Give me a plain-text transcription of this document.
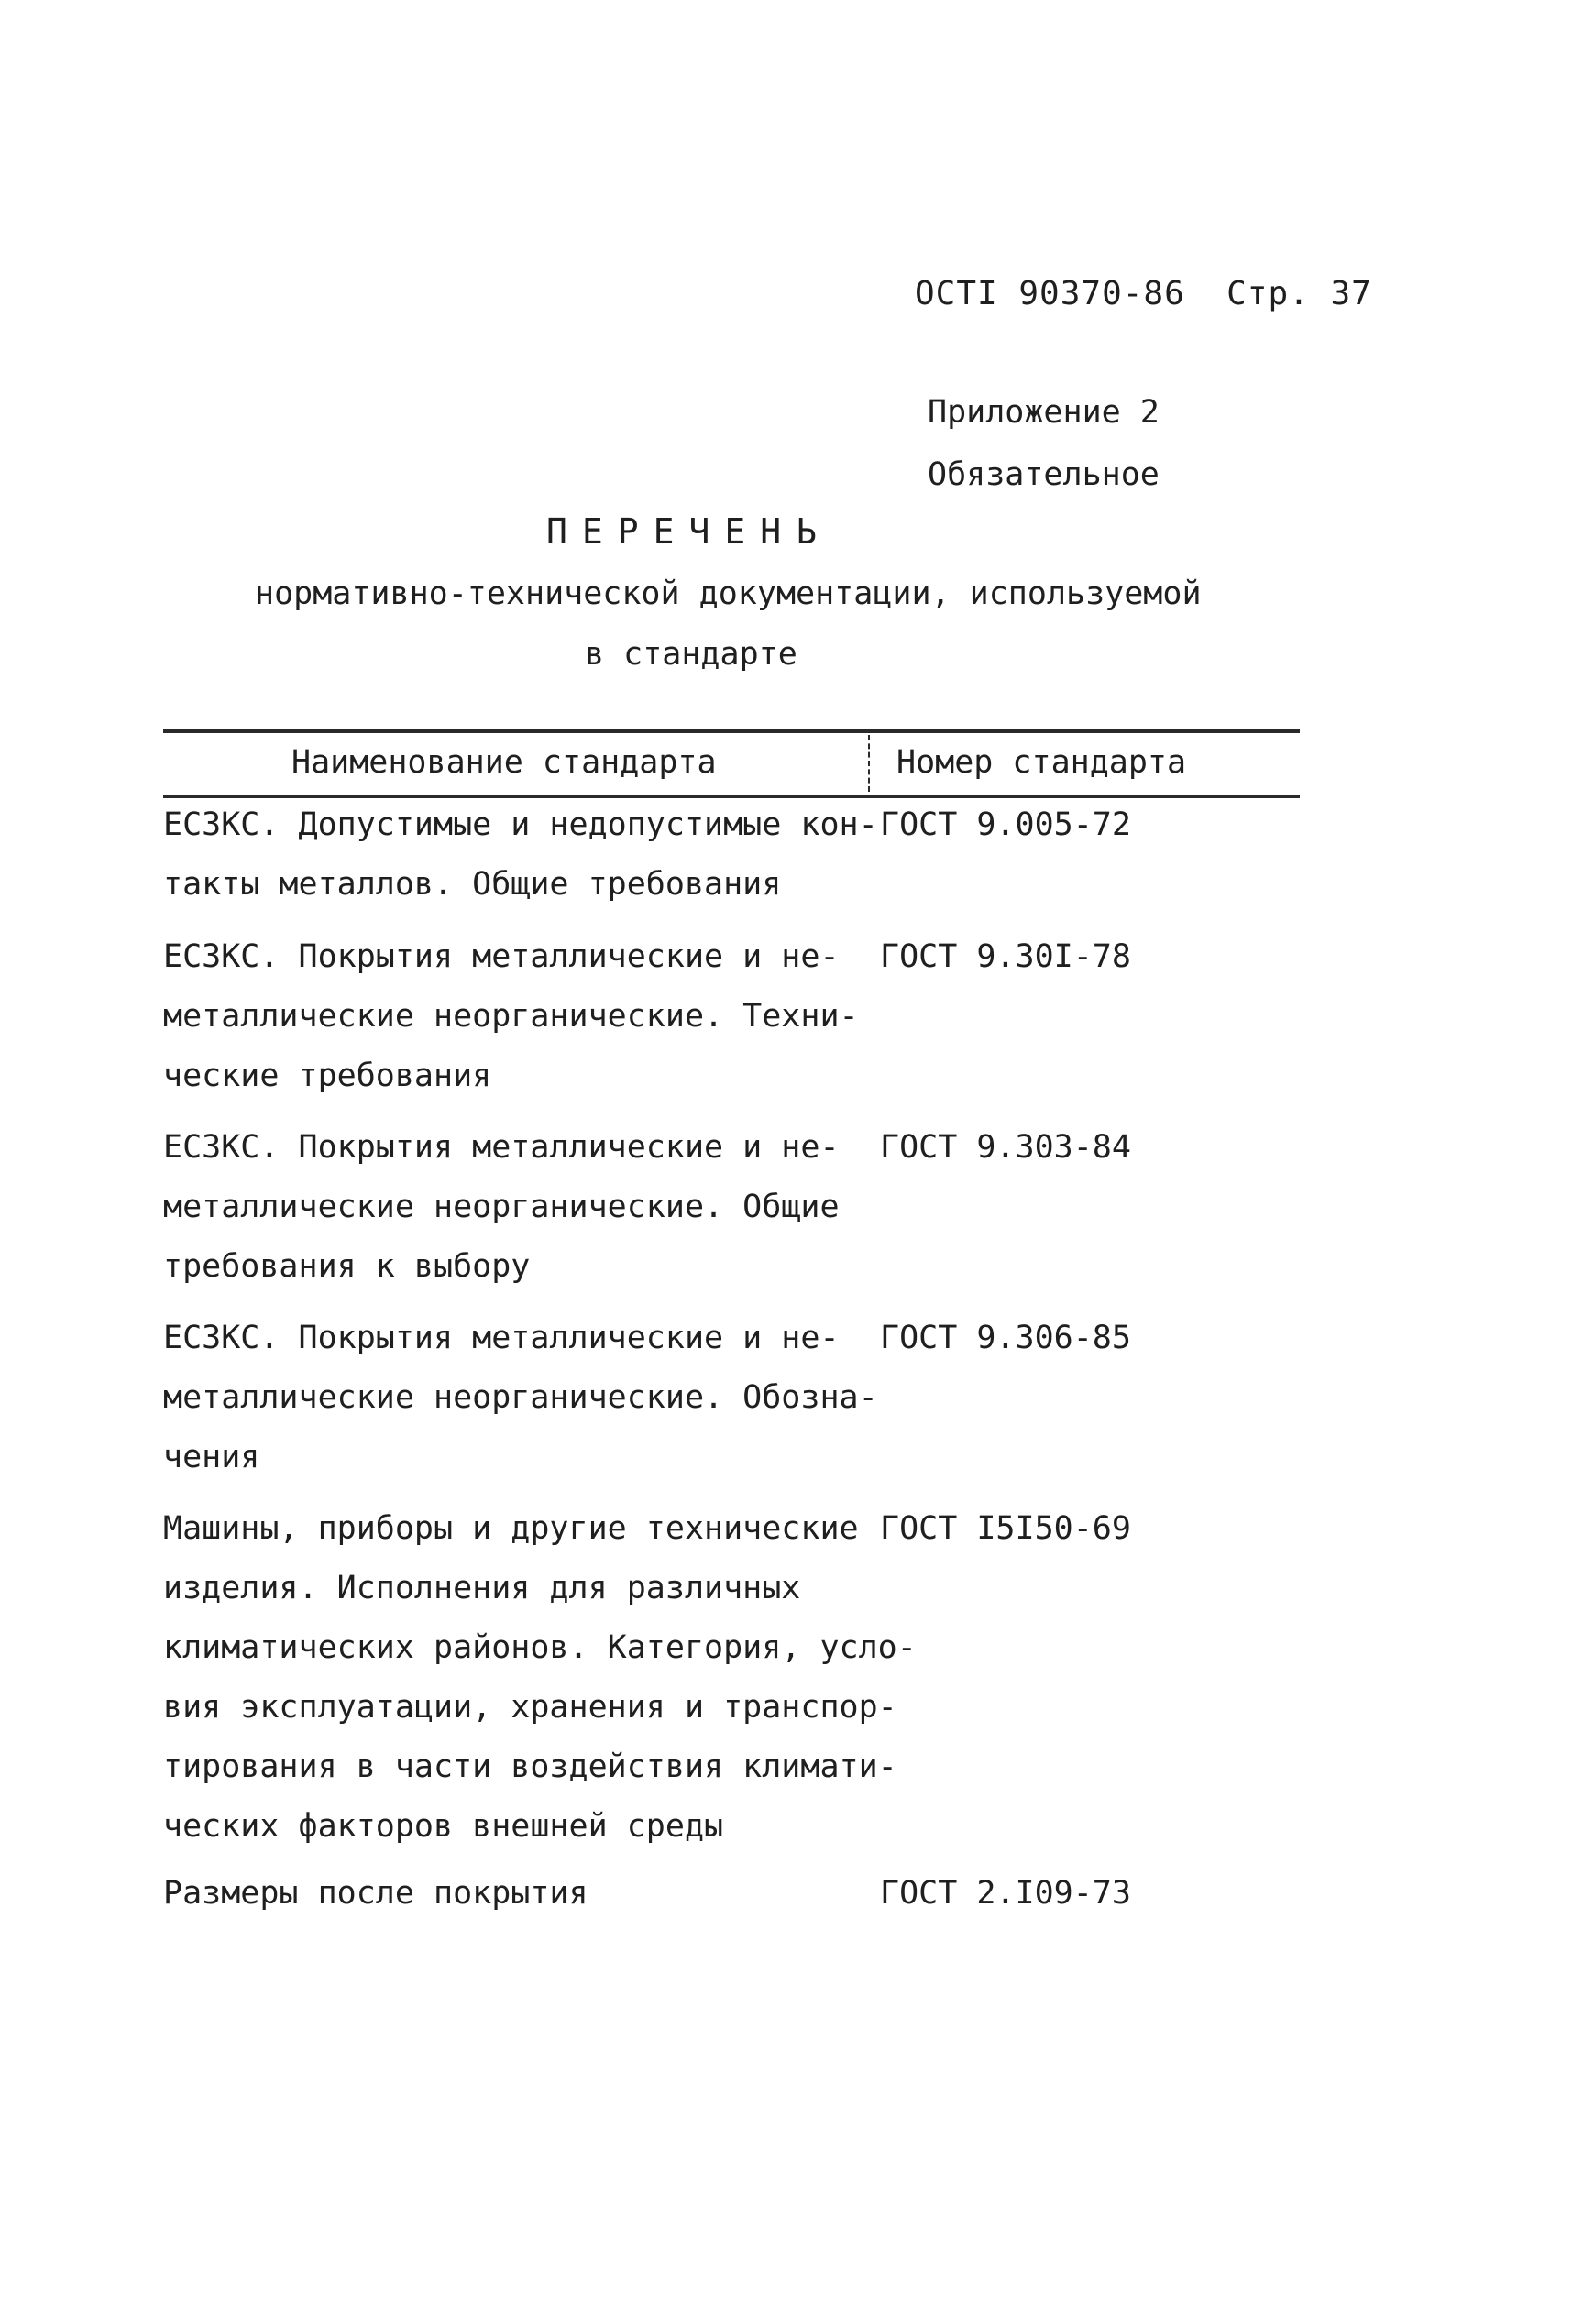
ОСТI 90370-86  Стр. 37
Приложение 2
Обязательное
ПЕРЕЧЕНЬ
нормативно-технической документации, используемой
в стандарте
Наименование стандарта	Номер стандарта
ЕСЗКС. Допустимые и недопустимые кон-
такты металлов. Общие требования
ГОСТ 9.005-72
ЕСЗКС. Покрытия металлические и не-
металлические неорганические. Техни-
ческие требования
ГОСТ 9.30I-78
ЕСЗКС. Покрытия металлические и не-
металлические неорганические. Общие
требования к выбору
ГОСТ 9.303-84
ЕСЗКС. Покрытия металлические и не-
металлические неорганические. Обозна-
чения
ГОСТ 9.306-85
Машины, приборы и другие технические
изделия. Исполнения для различных
климатических районов. Категория, усло-
вия эксплуатации, хранения и транспор-
тирования в части воздействия климати-
ческих факторов внешней среды
ГОСТ I5I50-69
Размеры после покрытия	ГОСТ 2.I09-73
